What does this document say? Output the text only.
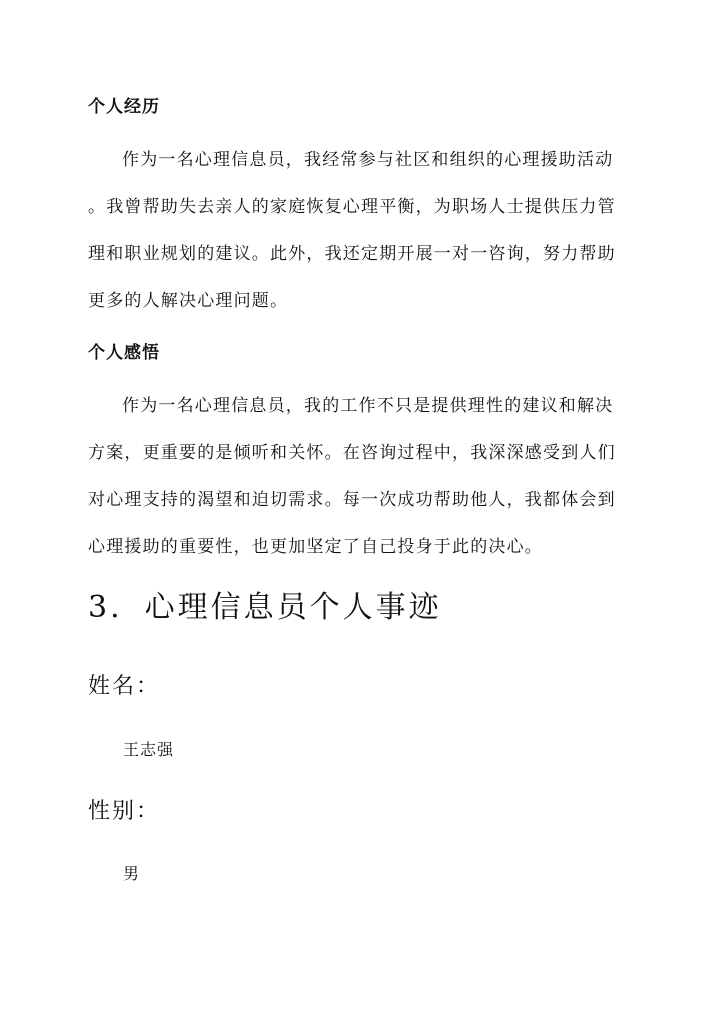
个人经历
作为一名心理信息员，我经常参与社区和组织的心理援助活动
。我曾帮助失去亲人的家庭恢复心理平衡，为职场人士提供压力管
理和职业规划的建议。此外，我还定期开展一对一咨询，努力帮助
更多的人解决心理问题。
个人感悟
作为一名心理信息员，我的工作不只是提供理性的建议和解决
方案，更重要的是倾听和关怀。在咨询过程中，我深深感受到人们
对心理支持的渴望和迫切需求。每一次成功帮助他人，我都体会到
心理援助的重要性，也更加坚定了自己投身于此的决心。
3. 心理信息员个人事迹
姓名：
王志强
性别：
男
